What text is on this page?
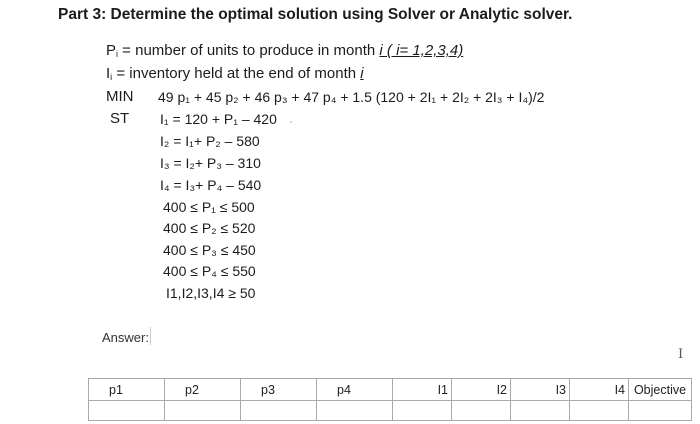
Part 3: Determine the optimal solution using Solver or Analytic solver.
$P_i$ = number of units to produce in month i ( i= 1,2,3,4)
$I_i$ = inventory held at the end of month i
MIN 49 p₁ + 45 p₂ + 46 p₃ + 47 p₄ + 1.5 (120 + 2I₁ + 2I₂ + 2I₃ + I₄)/2
ST I₁ = 120 + P₁ – 420
I₂ = I₁+ P₂ – 580
I₃ = I₂+ P₃ – 310
I₄ = I₃+ P₄ – 540
400 ≤ P₁ ≤ 500
400 ≤ P₂ ≤ 520
400 ≤ P₃ ≤ 450
400 ≤ P₄ ≤ 550
I1,I2,I3,I4 ≥ 50
Answer:
I
p1	p2	p3	p4	I1	I2	I3	I4	Objective
